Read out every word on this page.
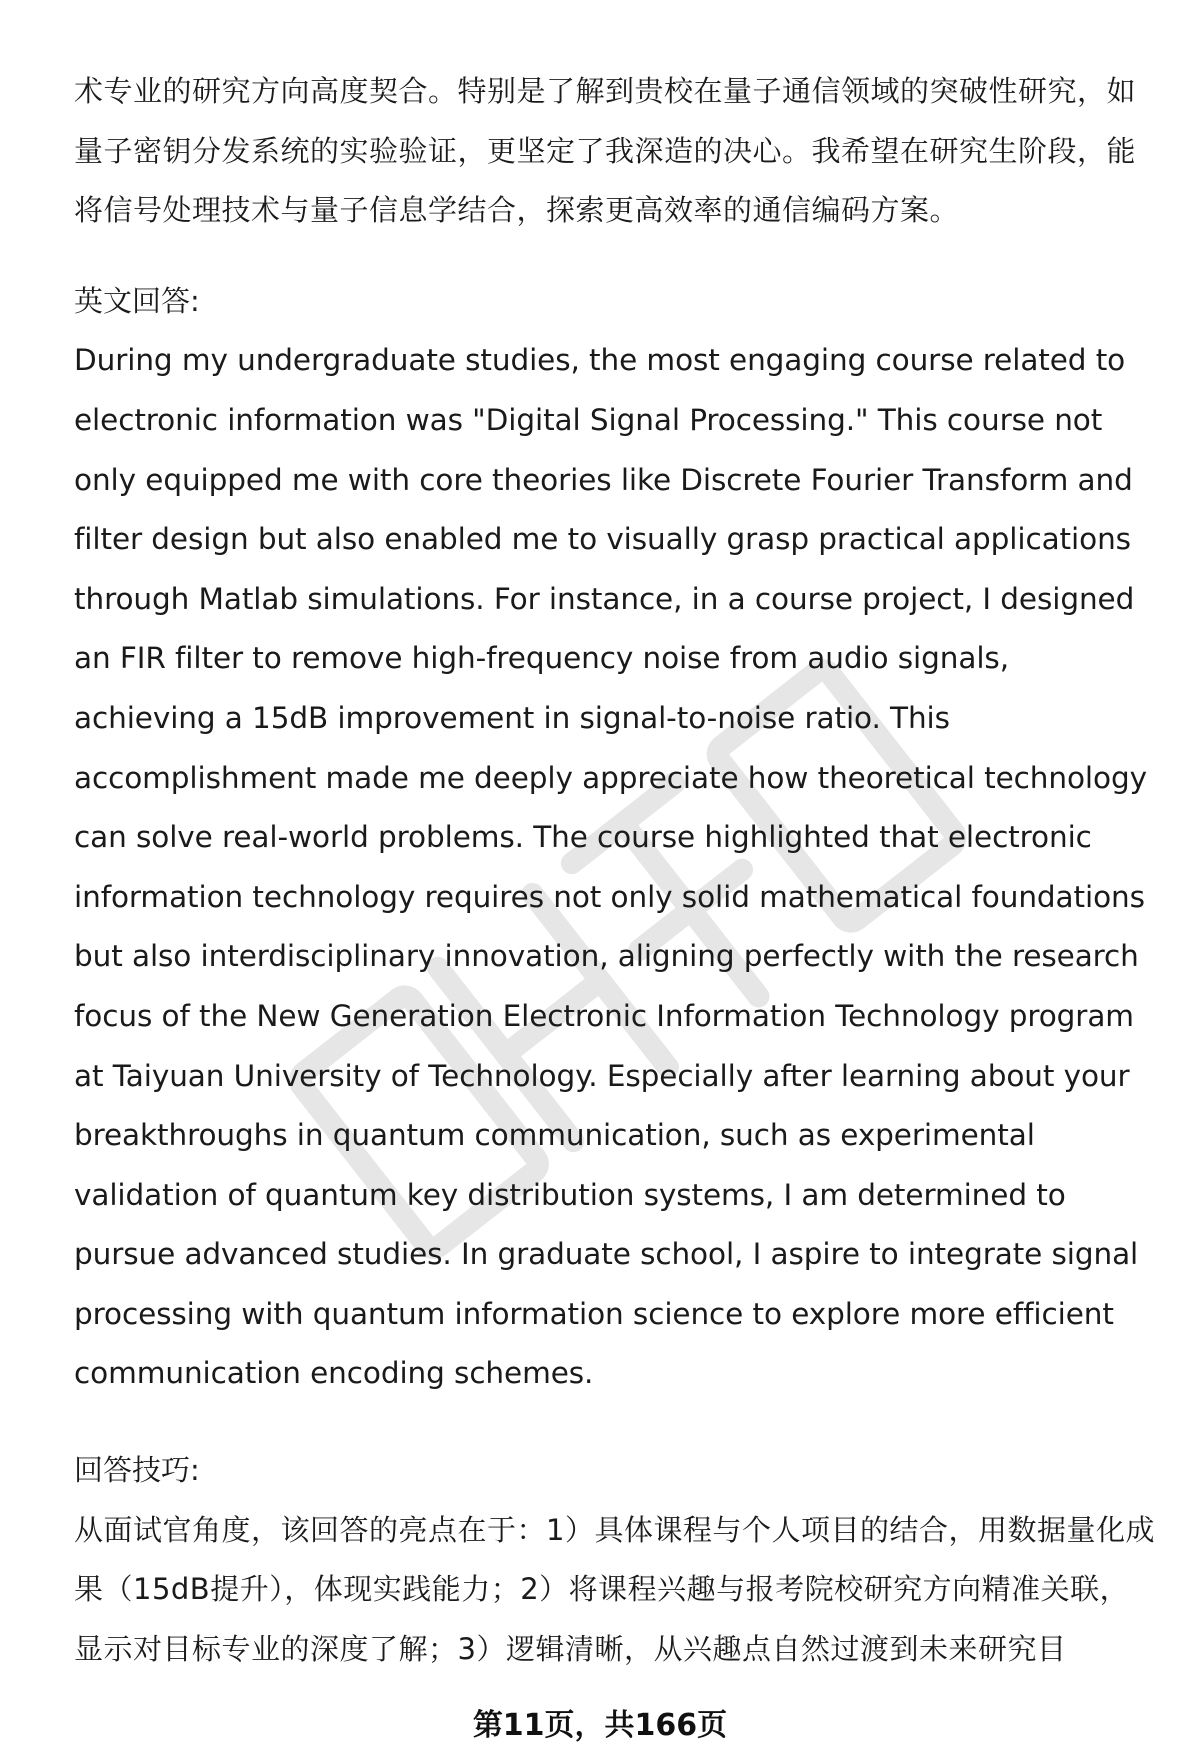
术专业的研究方向高度契合。特别是了解到贵校在量子通信领域的突破性研究，如量子密钥分发系统的实验验证，更坚定了我深造的决心。我希望在研究生阶段，能将信号处理技术与量子信息学结合，探索更高效率的通信编码方案。

英文回答:

During my undergraduate studies, the most engaging course related to electronic information was "Digital Signal Processing." This course not only equipped me with core theories like Discrete Fourier Transform and filter design but also enabled me to visually grasp practical applications through Matlab simulations. For instance, in a course project, I designed an FIR filter to remove high-frequency noise from audio signals, achieving a 15dB improvement in signal-to-noise ratio. This accomplishment made me deeply appreciate how theoretical technology can solve real-world problems. The course highlighted that electronic information technology requires not only solid mathematical foundations but also interdisciplinary innovation, aligning perfectly with the research focus of the New Generation Electronic Information Technology program at Taiyuan University of Technology. Especially after learning about your breakthroughs in quantum communication, such as experimental validation of quantum key distribution systems, I am determined to pursue advanced studies. In graduate school, I aspire to integrate signal processing with quantum information science to explore more efficient communication encoding schemes.

回答技巧:

从面试官角度，该回答的亮点在于：1）具体课程与个人项目的结合，用数据量化成果（15dB提升），体现实践能力；2）将课程兴趣与报考院校研究方向精准关联，显示对目标专业的深度了解；3）逻辑清晰，从兴趣点自然过渡到未来研究目

第11页，共166页
